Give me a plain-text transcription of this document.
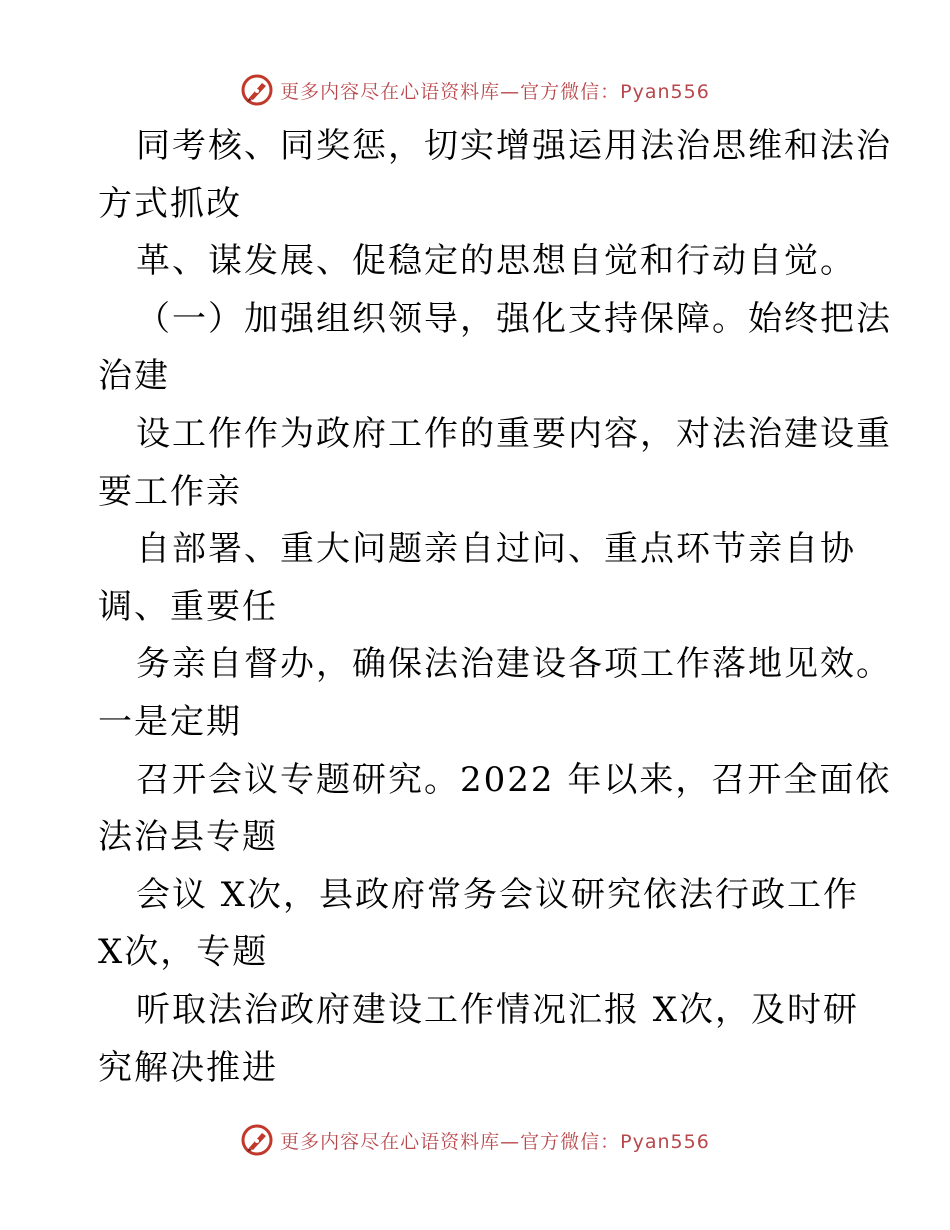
更多内容尽在心语资料库—官方微信：Pyan556
同考核、同奖惩，切实增强运用法治思维和法治
方式抓改
革、谋发展、促稳定的思想自觉和行动自觉。
（一）加强组织领导，强化支持保障。始终把法
治建
设工作作为政府工作的重要内容，对法治建设重
要工作亲
自部署、重大问题亲自过问、重点环节亲自协
调、重要任
务亲自督办，确保法治建设各项工作落地见效。
一是定期
召开会议专题研究。2022 年以来，召开全面依
法治县专题
会议 X次，县政府常务会议研究依法行政工作
X次，专题
听取法治政府建设工作情况汇报 X次，及时研
究解决推进
更多内容尽在心语资料库—官方微信：Pyan556
